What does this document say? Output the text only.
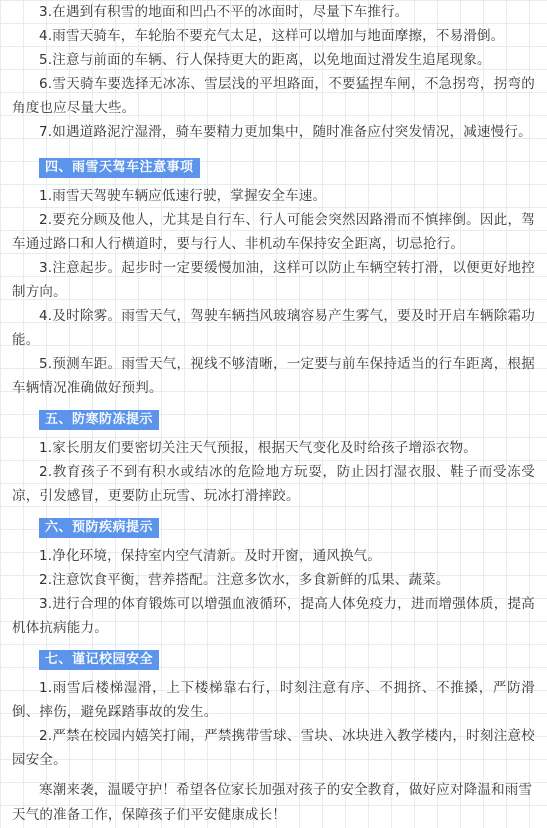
3.在遇到有积雪的地面和凹凸不平的冰面时，尽量下车推行。

4.雨雪天骑车，车轮胎不要充气太足，这样可以增加与地面摩擦，不易滑倒。

5.注意与前面的车辆、行人保持更大的距离，以免地面过滑发生追尾现象。

6.雪天骑车要选择无冰冻、雪层浅的平坦路面，不要猛捏车闸，不急拐弯，拐弯的角度也应尽量大些。

7.如遇道路泥泞湿滑，骑车要精力更加集中，随时准备应付突发情况，减速慢行。

四、雨雪天驾车注意事项

1.雨雪天驾驶车辆应低速行驶，掌握安全车速。

2.要充分顾及他人，尤其是自行车、行人可能会突然因路滑而不慎摔倒。因此，驾车通过路口和人行横道时，要与行人、非机动车保持安全距离，切忌抢行。

3.注意起步。起步时一定要缓慢加油，这样可以防止车辆空转打滑，以便更好地控制方向。

4.及时除雾。雨雪天气，驾驶车辆挡风玻璃容易产生雾气，要及时开启车辆除霜功能。

5.预测车距。雨雪天气，视线不够清晰，一定要与前车保持适当的行车距离，根据车辆情况准确做好预判。

五、防寒防冻提示

1.家长朋友们要密切关注天气预报，根据天气变化及时给孩子增添衣物。

2.教育孩子不到有积水或结冰的危险地方玩耍，防止因打湿衣服、鞋子而受冻受凉，引发感冒，更要防止玩雪、玩冰打滑摔跤。

六、预防疾病提示

1.净化环境，保持室内空气清新。及时开窗，通风换气。

2.注意饮食平衡，营养搭配。注意多饮水，多食新鲜的瓜果、蔬菜。

3.进行合理的体育锻炼可以增强血液循环，提高人体免疫力，进而增强体质，提高机体抗病能力。

七、谨记校园安全

1.雨雪后楼梯湿滑，上下楼梯靠右行，时刻注意有序、不拥挤、不推搡，严防滑倒、摔伤，避免踩踏事故的发生。

2.严禁在校园内嬉笑打闹，严禁携带雪球、雪块、冰块进入教学楼内，时刻注意校园安全。

寒潮来袭，温暖守护！希望各位家长加强对孩子的安全教育，做好应对降温和雨雪天气的准备工作，保障孩子们平安健康成长！
